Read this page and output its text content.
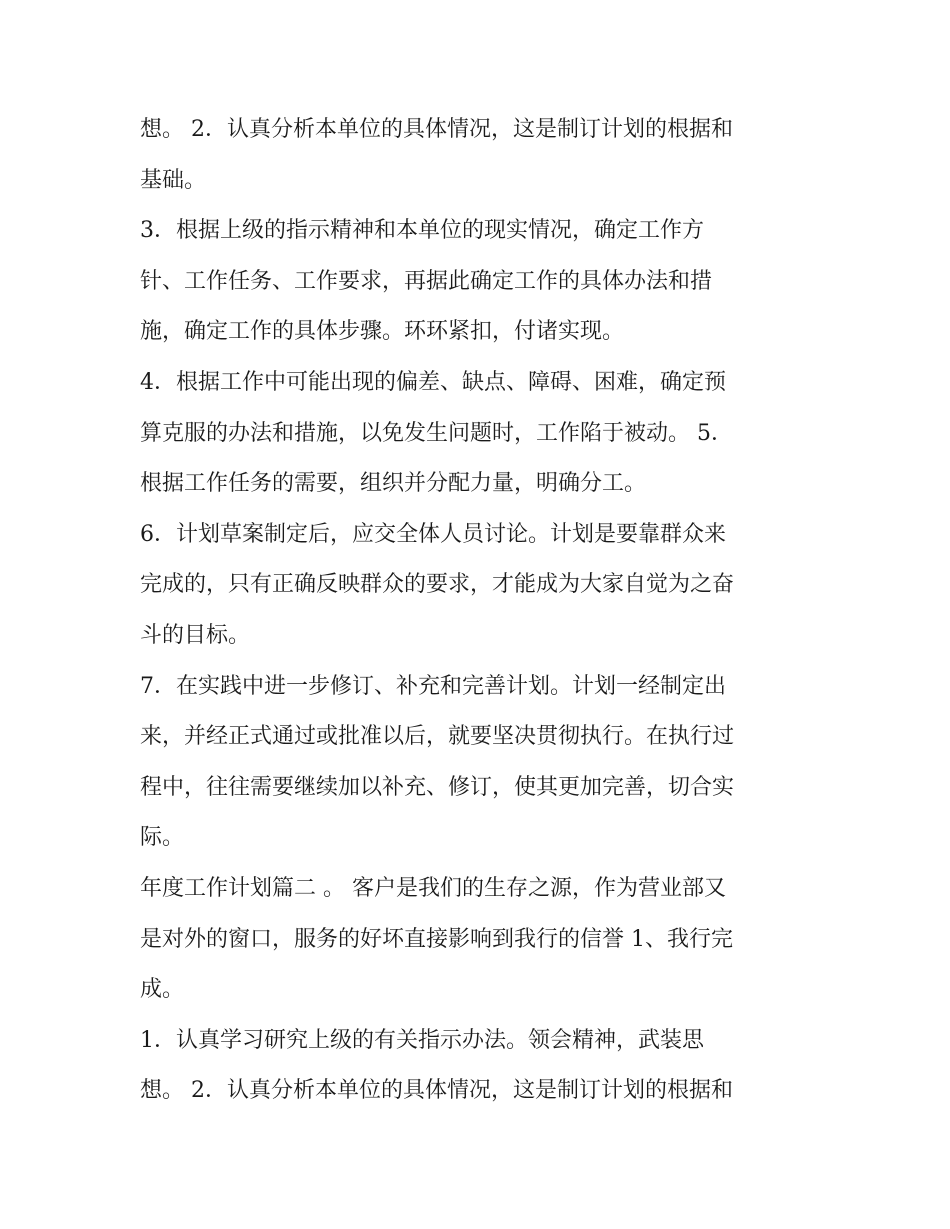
想。 2．认真分析本单位的具体情况，这是制订计划的根据和
基础。
3．根据上级的指示精神和本单位的现实情况，确定工作方
针、工作任务、工作要求，再据此确定工作的具体办法和措
施，确定工作的具体步骤。环环紧扣，付诸实现。
4．根据工作中可能出现的偏差、缺点、障碍、困难，确定预
算克服的办法和措施，以免发生问题时，工作陷于被动。 5．
根据工作任务的需要，组织并分配力量，明确分工。
6．计划草案制定后，应交全体人员讨论。计划是要靠群众来
完成的，只有正确反映群众的要求，才能成为大家自觉为之奋
斗的目标。
7．在实践中进一步修订、补充和完善计划。计划一经制定出
来，并经正式通过或批准以后，就要坚决贯彻执行。在执行过
程中，往往需要继续加以补充、修订，使其更加完善，切合实
际。
年度工作计划篇二 。 客户是我们的生存之源，作为营业部又
是对外的窗口，服务的好坏直接影响到我行的信誉 1、我行完
成。
1．认真学习研究上级的有关指示办法。领会精神，武装思
想。 2．认真分析本单位的具体情况，这是制订计划的根据和
